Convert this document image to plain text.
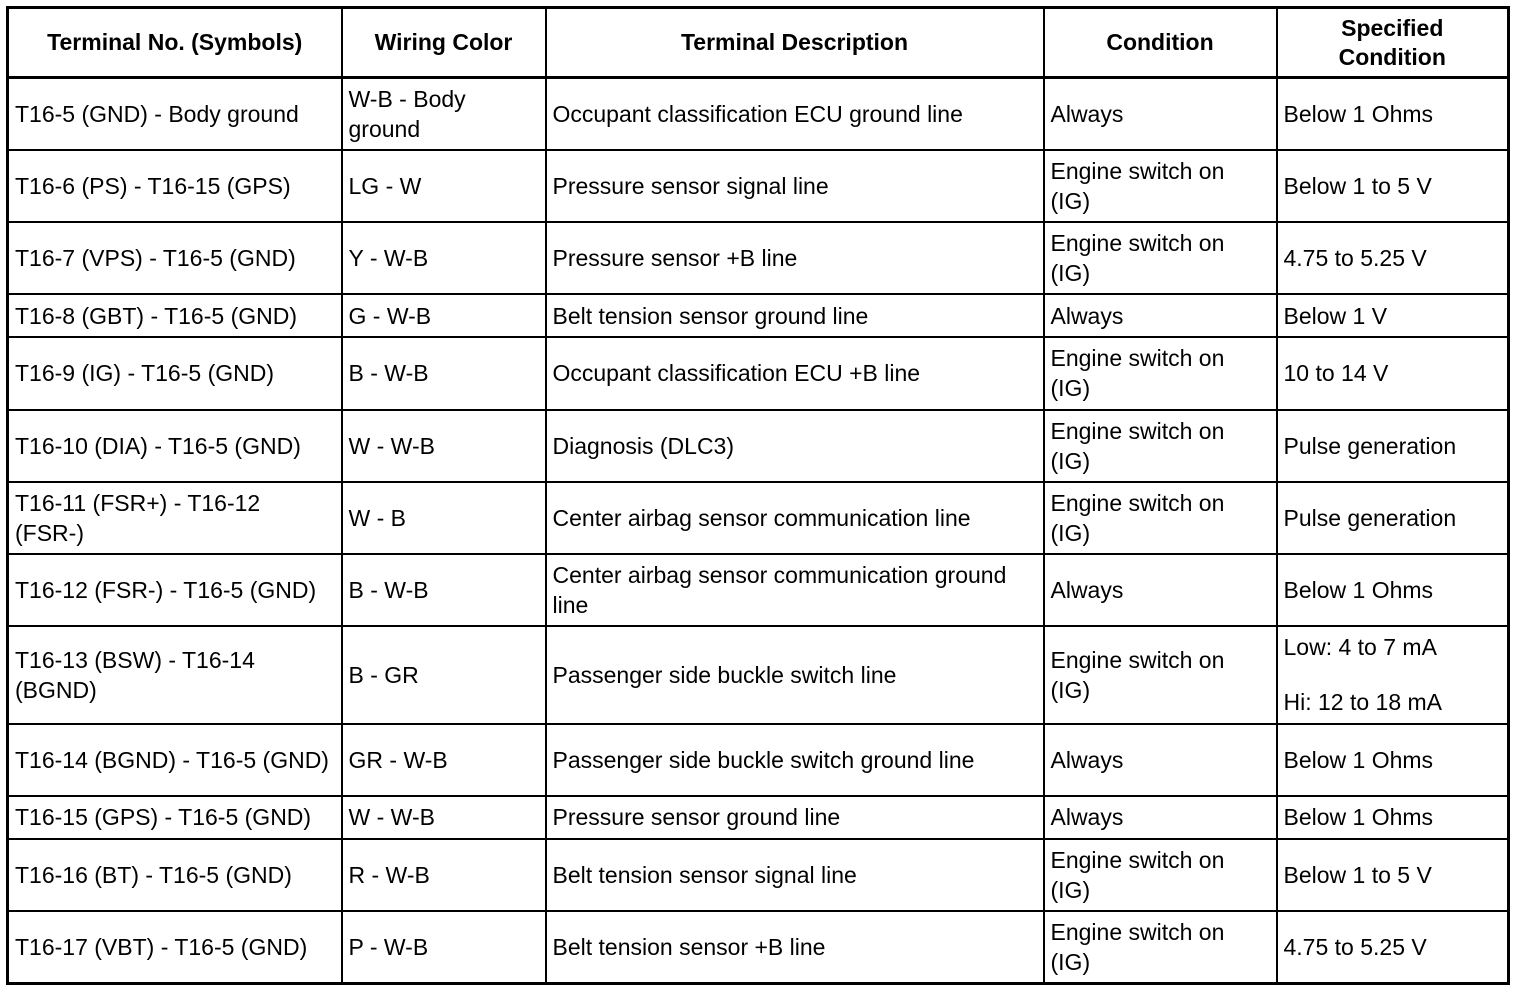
Terminal No. (Symbols)	Wiring Color	Terminal Description	Condition	Specified Condition
T16-5 (GND) - Body ground	W-B - Body ground	Occupant classification ECU ground line	Always	Below 1 Ohms

T16-6 (PS) - T16-15 (GPS)	LG - W	Pressure sensor signal line	Engine switch on (IG)	Below 1 to 5 V

T16-7 (VPS) - T16-5 (GND)	Y - W-B	Pressure sensor +B line	Engine switch on (IG)	4.75 to 5.25 V

T16-8 (GBT) - T16-5 (GND)	G - W-B	Belt tension sensor ground line	Always	Below 1 V

T16-9 (IG) - T16-5 (GND)	B - W-B	Occupant classification ECU +B line	Engine switch on (IG)	10 to 14 V

T16-10 (DIA) - T16-5 (GND)	W - W-B	Diagnosis (DLC3)	Engine switch on (IG)	Pulse generation

T16-11 (FSR+) - T16-12 (FSR-)	W - B	Center airbag sensor communication line	Engine switch on (IG)	Pulse generation

T16-12 (FSR-) - T16-5 (GND)	B - W-B	Center airbag sensor communication ground line	Always	Below 1 Ohms

T16-13 (BSW) - T16-14 (BGND)	B - GR	Passenger side buckle switch line	Engine switch on (IG)	Low: 4 to 7 mA
Hi: 12 to 18 mA

T16-14 (BGND) - T16-5 (GND)	GR - W-B	Passenger side buckle switch ground line	Always	Below 1 Ohms

T16-15 (GPS) - T16-5 (GND)	W - W-B	Pressure sensor ground line	Always	Below 1 Ohms

T16-16 (BT) - T16-5 (GND)	R - W-B	Belt tension sensor signal line	Engine switch on (IG)	Below 1 to 5 V

T16-17 (VBT) - T16-5 (GND)	P - W-B	Belt tension sensor +B line	Engine switch on (IG)	4.75 to 5.25 V
